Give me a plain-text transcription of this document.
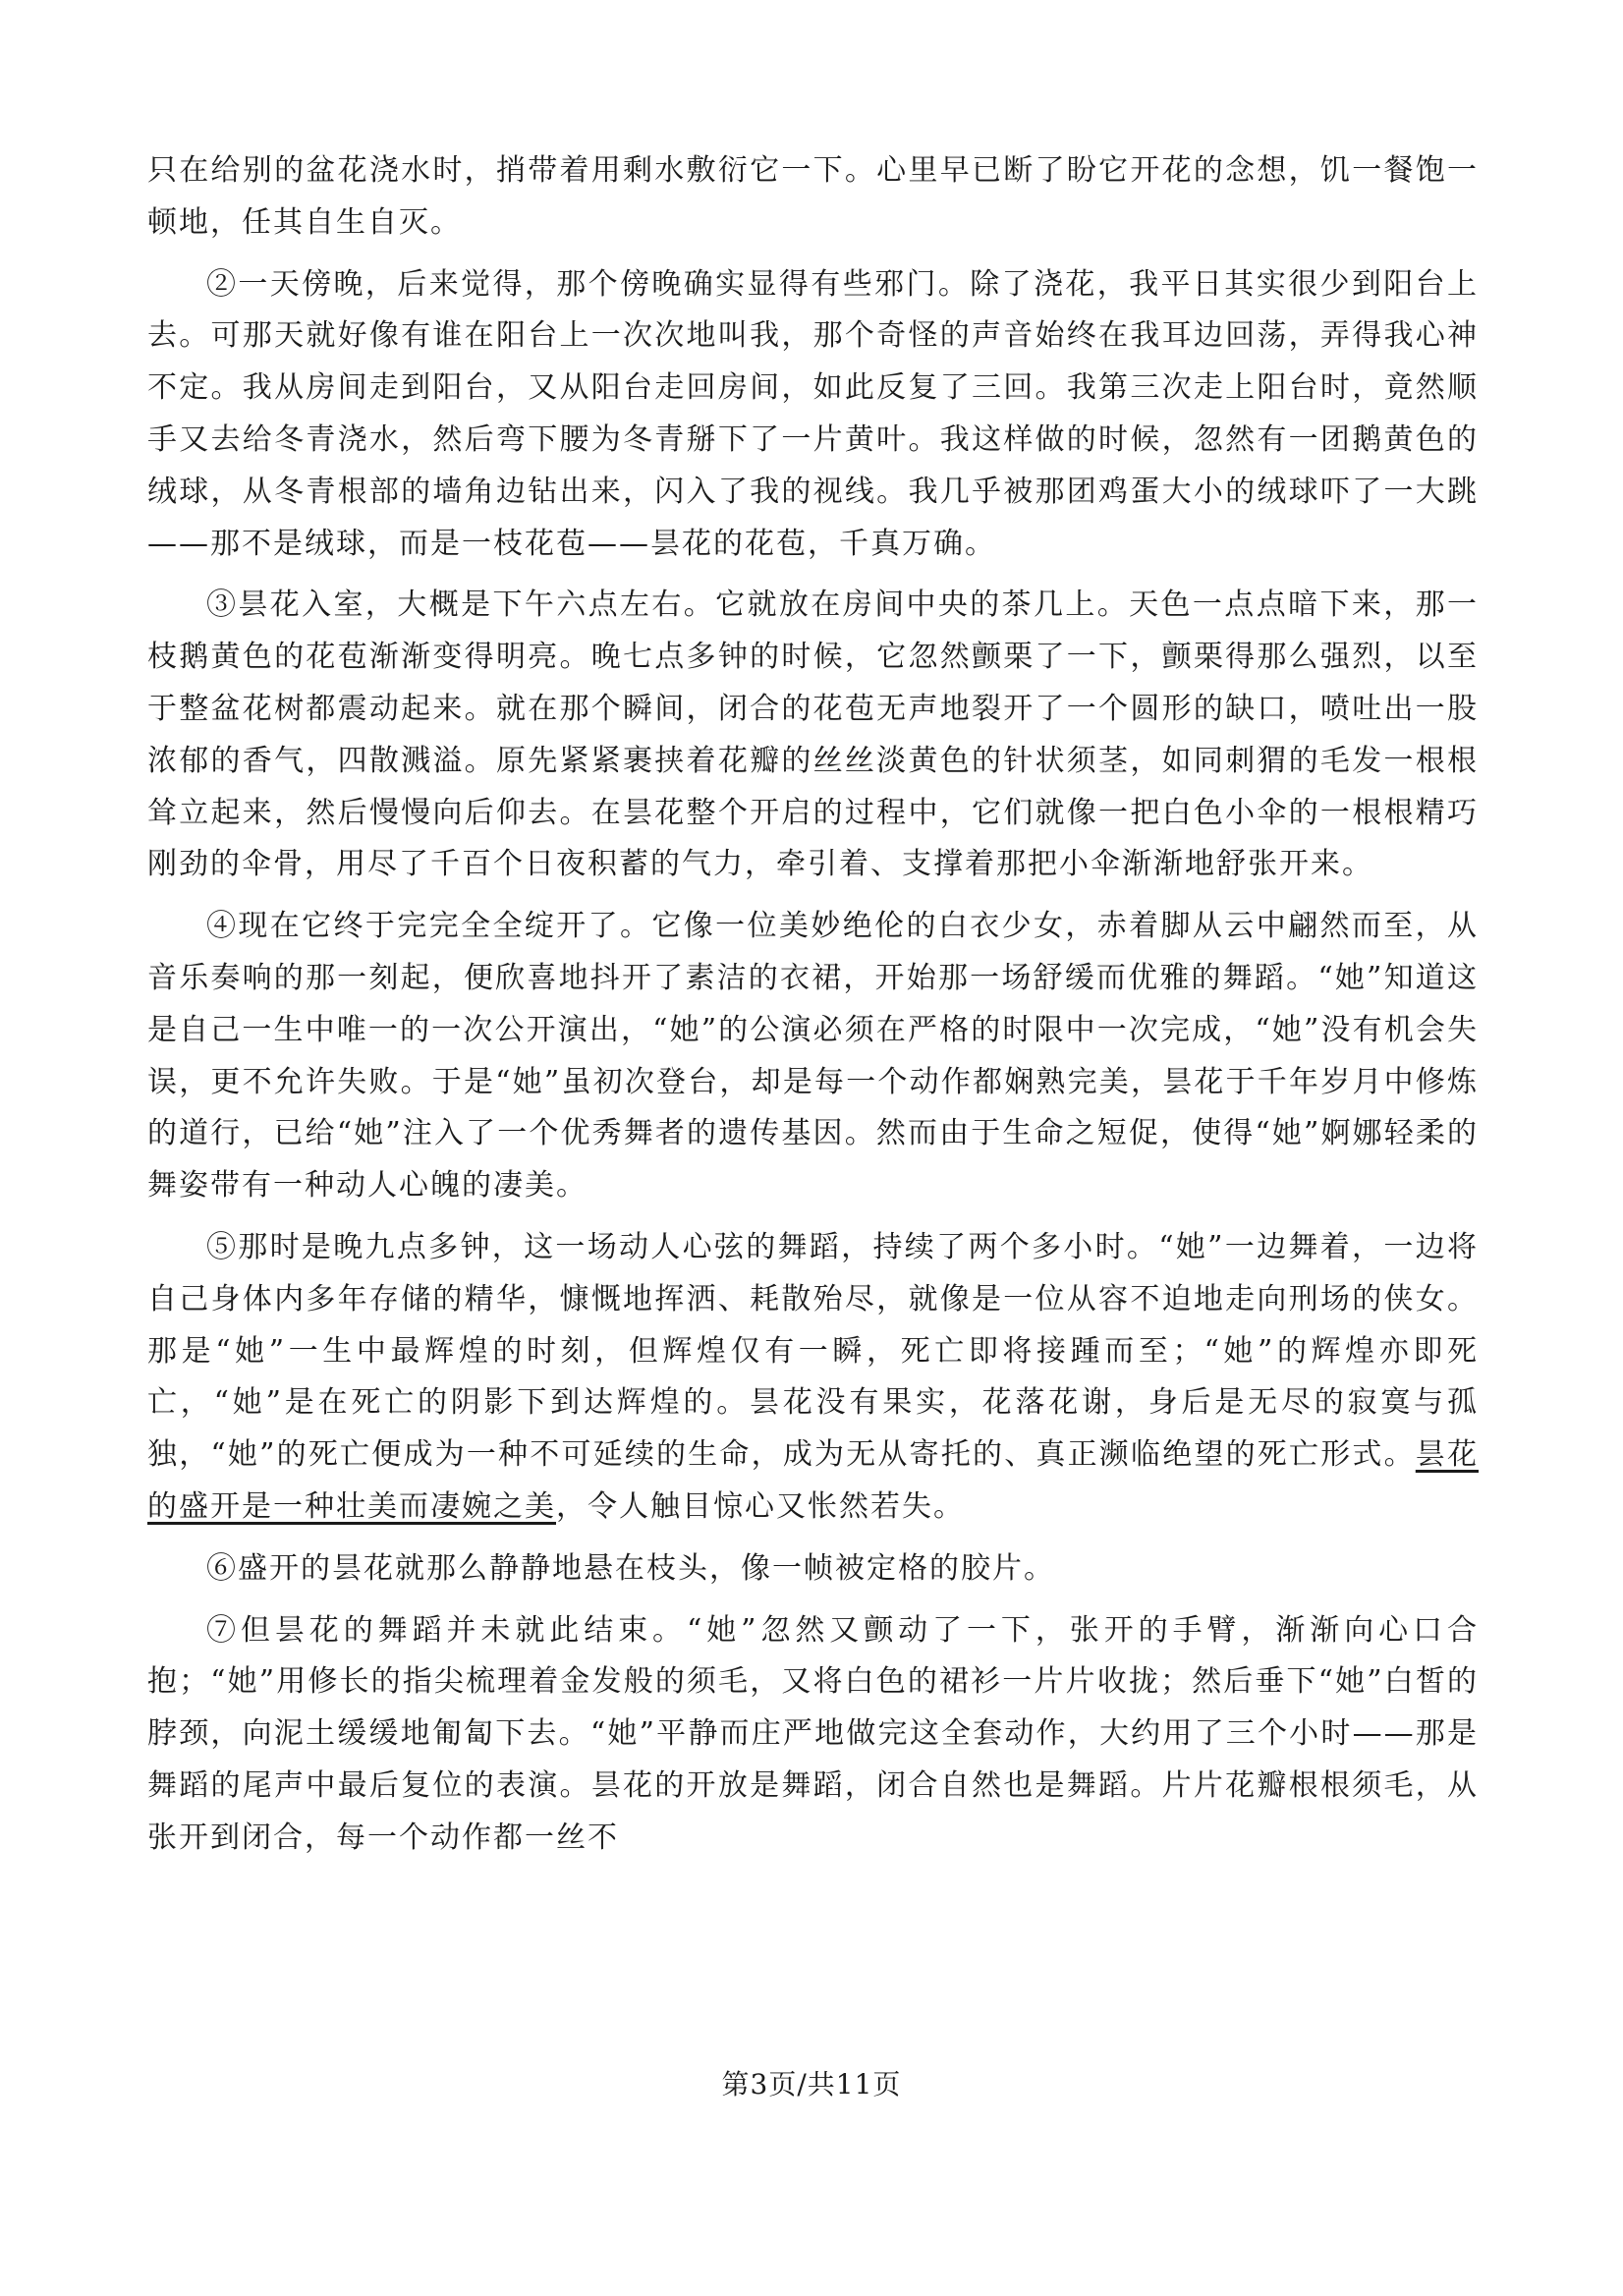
只在给别的盆花浇水时，捎带着用剩水敷衍它一下。心里早已断了盼它开花的念想，饥一餐饱一顿地，任其自生自灭。

②一天傍晚，后来觉得，那个傍晚确实显得有些邪门。除了浇花，我平日其实很少到阳台上去。可那天就好像有谁在阳台上一次次地叫我，那个奇怪的声音始终在我耳边回荡，弄得我心神不定。我从房间走到阳台，又从阳台走回房间，如此反复了三回。我第三次走上阳台时，竟然顺手又去给冬青浇水，然后弯下腰为冬青掰下了一片黄叶。我这样做的时候，忽然有一团鹅黄色的绒球，从冬青根部的墙角边钻出来，闪入了我的视线。我几乎被那团鸡蛋大小的绒球吓了一大跳——那不是绒球，而是一枝花苞——昙花的花苞，千真万确。

③昙花入室，大概是下午六点左右。它就放在房间中央的茶几上。天色一点点暗下来，那一枝鹅黄色的花苞渐渐变得明亮。晚七点多钟的时候，它忽然颤栗了一下，颤栗得那么强烈，以至于整盆花树都震动起来。就在那个瞬间，闭合的花苞无声地裂开了一个圆形的缺口，喷吐出一股浓郁的香气，四散溅溢。原先紧紧裹挟着花瓣的丝丝淡黄色的针状须茎，如同刺猬的毛发一根根耸立起来，然后慢慢向后仰去。在昙花整个开启的过程中，它们就像一把白色小伞的一根根精巧刚劲的伞骨，用尽了千百个日夜积蓄的气力，牵引着、支撑着那把小伞渐渐地舒张开来。

④现在它终于完完全全绽开了。它像一位美妙绝伦的白衣少女，赤着脚从云中翩然而至，从音乐奏响的那一刻起，便欣喜地抖开了素洁的衣裙，开始那一场舒缓而优雅的舞蹈。“她”知道这是自己一生中唯一的一次公开演出，“她”的公演必须在严格的时限中一次完成，“她”没有机会失误，更不允许失败。于是“她”虽初次登台，却是每一个动作都娴熟完美，昙花于千年岁月中修炼的道行，已给“她”注入了一个优秀舞者的遗传基因。然而由于生命之短促，使得“她”婀娜轻柔的舞姿带有一种动人心魄的凄美。

⑤那时是晚九点多钟，这一场动人心弦的舞蹈，持续了两个多小时。“她”一边舞着，一边将自己身体内多年存储的精华，慷慨地挥洒、耗散殆尽，就像是一位从容不迫地走向刑场的侠女。那是“她”一生中最辉煌的时刻，但辉煌仅有一瞬，死亡即将接踵而至；“她”的辉煌亦即死亡，“她”是在死亡的阴影下到达辉煌的。昙花没有果实，花落花谢，身后是无尽的寂寞与孤独，“她”的死亡便成为一种不可延续的生命，成为无从寄托的、真正濒临绝望的死亡形式。昙花的盛开是一种壮美而凄婉之美，令人触目惊心又怅然若失。

⑥盛开的昙花就那么静静地悬在枝头，像一帧被定格的胶片。

⑦但昙花的舞蹈并未就此结束。“她”忽然又颤动了一下，张开的手臂，渐渐向心口合抱；“她”用修长的指尖梳理着金发般的须毛，又将白色的裙衫一片片收拢；然后垂下“她”白皙的脖颈，向泥土缓缓地匍匐下去。“她”平静而庄严地做完这全套动作，大约用了三个小时——那是舞蹈的尾声中最后复位的表演。昙花的开放是舞蹈，闭合自然也是舞蹈。片片花瓣根根须毛，从张开到闭合，每一个动作都一丝不

第3页/共11页
